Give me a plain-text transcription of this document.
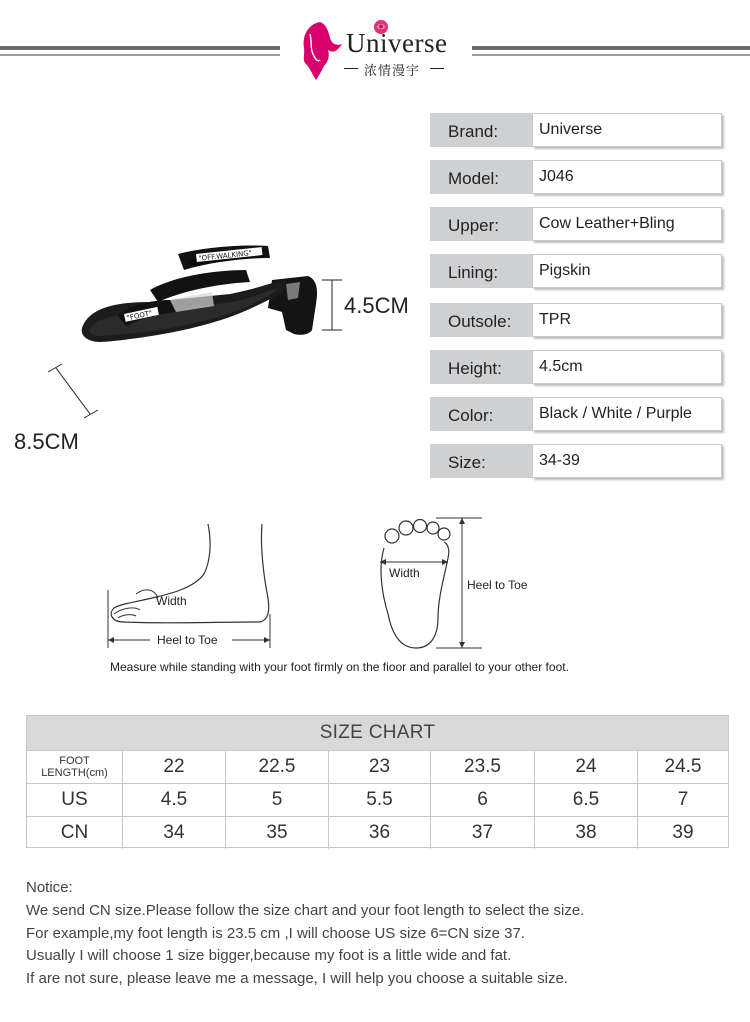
Universe
浓情漫宇
"OFF.WALKING"
"FOOT"	4.5CM
8.5CM
Brand:	Universe
Model:	J046
Upper:	Cow Leather+Bling
Lining:	Pigskin
Outsole:	TPR
Height:	4.5cm
Color:	Black / White / Purple
Size:	34-39
Width
Heel to Toe
Width
Heel to Toe
Measure while standing with your foot firmly on the fioor and parallel to your other foot.
SIZE CHART
FOOT
LENGTH(cm)	22	22.5	23	23.5	24	24.5
US	4.5	5	5.5	6	6.5	7
CN	34	35	36	37	38	39
Notice:
We send CN size.Please follow the size chart and your foot length to select the size.
For example,my foot length is 23.5 cm ,I will choose US size 6=CN size 37.
Usually I will choose 1 size bigger,because my foot is a little wide and fat.
If are not sure, please leave me a message, I will help you choose a suitable size.
